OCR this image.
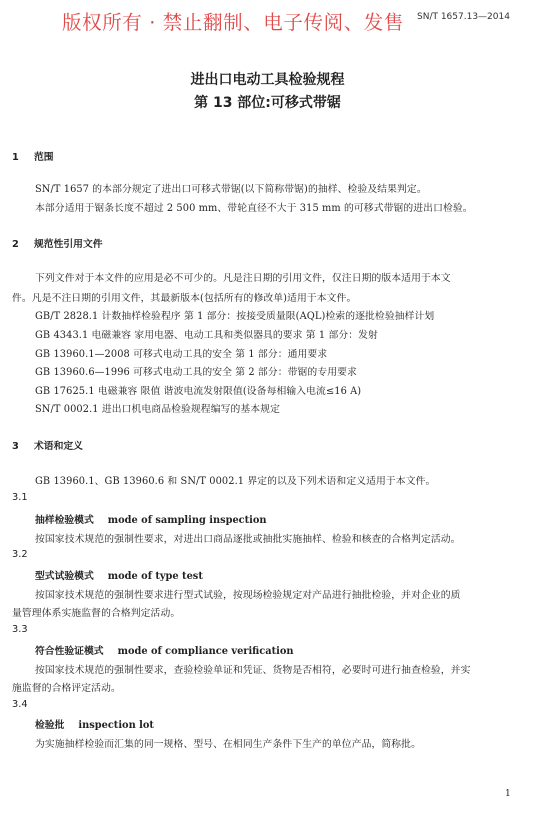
版权所有 · 禁止翻制、电子传阅、发售 SN/T 1657.13—2014
进出口电动工具检验规程
第 13 部位:可移式带锯
1 范围
SN/T 1657 的本部分规定了进出口可移式带锯(以下简称带锯)的抽样、检验及结果判定。
本部分适用于锯条长度不超过 2 500 mm、带轮直径不大于 315 mm 的可移式带锯的进出口检验。
2 规范性引用文件
下列文件对于本文件的应用是必不可少的。凡是注日期的引用文件，仅注日期的版本适用于本文
件。凡是不注日期的引用文件，其最新版本(包括所有的修改单)适用于本文件。
GB/T 2828.1 计数抽样检验程序 第 1 部分：按接受质量限(AQL)检索的逐批检验抽样计划
GB 4343.1 电磁兼容 家用电器、电动工具和类似器具的要求 第 1 部分：发射
GB 13960.1—2008 可移式电动工具的安全 第 1 部分：通用要求
GB 13960.6—1996 可移式电动工具的安全 第 2 部分：带锯的专用要求
GB 17625.1 电磁兼容 限值 谐波电流发射限值(设备每相输入电流≤16 A)
SN/T 0002.1 进出口机电商品检验规程编写的基本规定
3 术语和定义
GB 13960.1、GB 13960.6 和 SN/T 0002.1 界定的以及下列术语和定义适用于本文件。
3.1
抽样检验模式 mode of sampling inspection
按国家技术规范的强制性要求，对进出口商品逐批或抽批实施抽样、检验和核查的合格判定活动。
3.2
型式试验模式 mode of type test
按国家技术规范的强制性要求进行型式试验，按现场检验规定对产品进行抽批检验，并对企业的质
量管理体系实施监督的合格判定活动。
3.3
符合性验证模式 mode of compliance verification
按国家技术规范的强制性要求，查验检验单证和凭证、货物是否相符，必要时可进行抽查检验，并实
施监督的合格评定活动。
3.4
检验批 inspection lot
为实施抽样检验而汇集的同一规格、型号、在相同生产条件下生产的单位产品，简称批。
1
